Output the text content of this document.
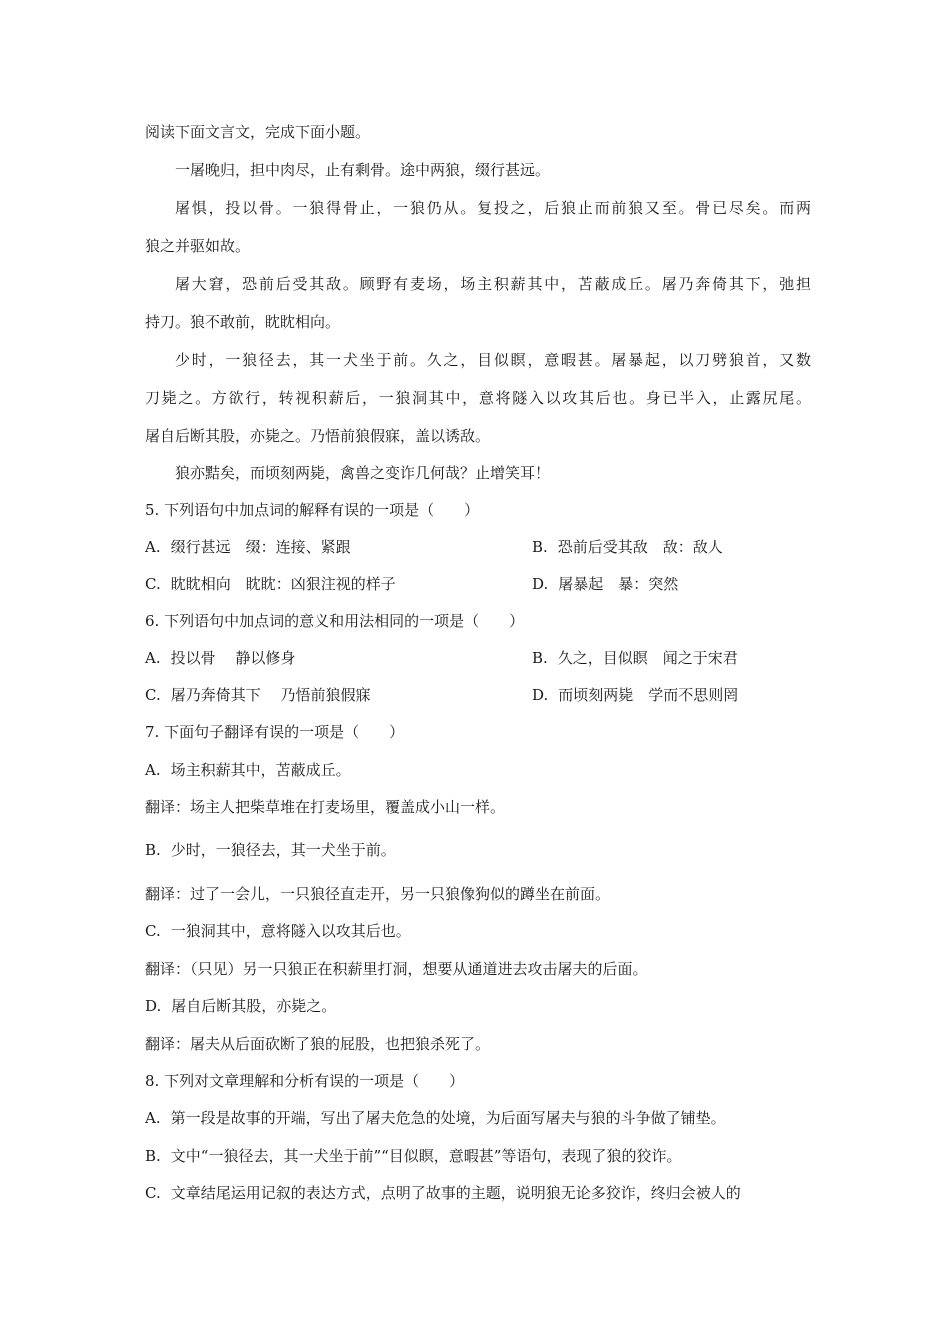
阅读下面文言文，完成下面小题。
一屠晚归，担中肉尽，止有剩骨。途中两狼，缀行甚远。
屠惧，投以骨。一狼得骨止，一狼仍从。复投之，后狼止而前狼又至。骨已尽矣。而两
狼之并驱如故。
屠大窘，恐前后受其敌。顾野有麦场，场主积薪其中，苫蔽成丘。屠乃奔倚其下，弛担
持刀。狼不敢前，眈眈相向。
少时，一狼径去，其一犬坐于前。久之，目似瞑，意暇甚。屠暴起，以刀劈狼首，又数
刀毙之。方欲行，转视积薪后，一狼洞其中，意将隧入以攻其后也。身已半入，止露尻尾。
屠自后断其股，亦毙之。乃悟前狼假寐，盖以诱敌。
狼亦黠矣，而顷刻两毙，禽兽之变诈几何哉？止增笑耳！
5. 下列语句中加点词的解释有误的一项是（　　）
A. 缀行甚远　缀：连接、紧跟	B. 恐前后受其敌　敌：敌人
C. 眈眈相向　眈眈：凶狠注视的样子	D. 屠暴起　暴：突然
6. 下列语句中加点词的意义和用法相同的一项是（　　）
A. 投以骨　 静以修身	B. 久之，目似瞑　闻之于宋君
C. 屠乃奔倚其下　 乃悟前狼假寐	D. 而顷刻两毙　学而不思则罔
7. 下面句子翻译有误的一项是（　　）
A. 场主积薪其中，苫蔽成丘。
翻译：场主人把柴草堆在打麦场里，覆盖成小山一样。
B. 少时，一狼径去，其一犬坐于前。
翻译：过了一会儿，一只狼径直走开，另一只狼像狗似的蹲坐在前面。
C. 一狼洞其中，意将隧入以攻其后也。
翻译：（只见）另一只狼正在积薪里打洞，想要从通道进去攻击屠夫的后面。
D. 屠自后断其股，亦毙之。
翻译：屠夫从后面砍断了狼的屁股，也把狼杀死了。
8. 下列对文章理解和分析有误的一项是（　　）
A. 第一段是故事的开端，写出了屠夫危急的处境，为后面写屠夫与狼的斗争做了铺垫。
B. 文中“一狼径去，其一犬坐于前”“目似瞑，意暇甚”等语句，表现了狼的狡诈。
C. 文章结尾运用记叙的表达方式，点明了故事的主题，说明狼无论多狡诈，终归会被人的
